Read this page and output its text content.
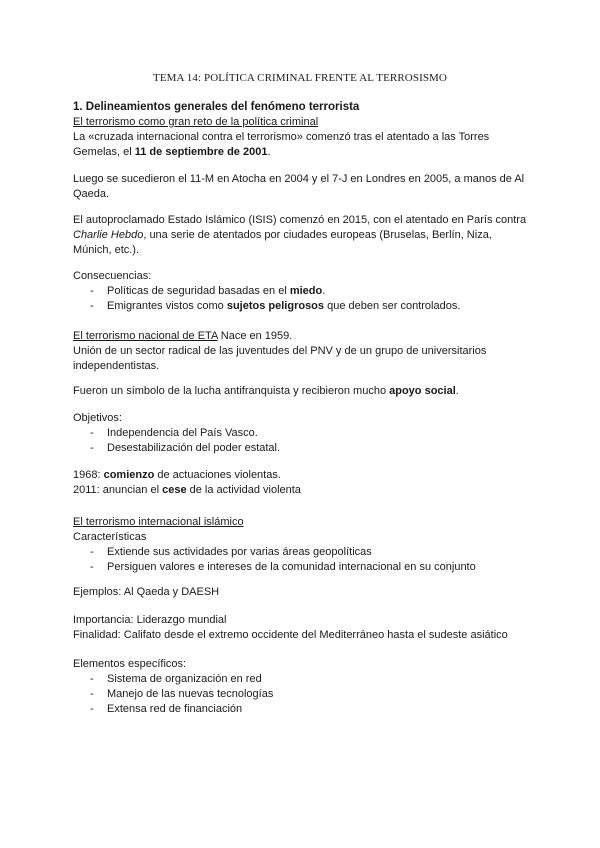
TEMA 14: POLÍTICA CRIMINAL FRENTE AL TERROSISMO

1. Delineamientos generales del fenómeno terrorista

El terrorismo como gran reto de la política criminal

La «cruzada internacional contra el terrorismo» comenzó tras el atentado a las Torres Gemelas, el 11 de septiembre de 2001.

Luego se sucedieron el 11-M en Atocha en 2004 y el 7-J en Londres en 2005, a manos de Al Qaeda.

El autoproclamado Estado Islámico (ISIS) comenzó en 2015, con el atentado en París contra Charlie Hebdo, una serie de atentados por ciudades europeas (Bruselas, Berlín, Niza, Múnich, etc.).

Consecuencias:

- Políticas de seguridad basadas en el miedo.
- Emigrantes vistos como sujetos peligrosos que deben ser controlados.

El terrorismo nacional de ETA Nace en 1959.

Unión de un sector radical de las juventudes del PNV y de un grupo de universitarios independentistas.

Fueron un símbolo de la lucha antifranquista y recibieron mucho apoyo social.

Objetivos:

- Independencia del País Vasco.
- Desestabilización del poder estatal.

1968: comienzo de actuaciones violentas.

2011: anuncian el cese de la actividad violenta

El terrorismo internacional islámico

Características

- Extiende sus actividades por varias áreas geopolíticas
- Persiguen valores e intereses de la comunidad internacional en su conjunto

Ejemplos: Al Qaeda y DAESH

Importancia: Liderazgo mundial

Finalidad: Califato desde el extremo occidente del Mediterráneo hasta el sudeste asiático

Elementos específicos:

- Sistema de organización en red
- Manejo de las nuevas tecnologías
- Extensa red de financiación
